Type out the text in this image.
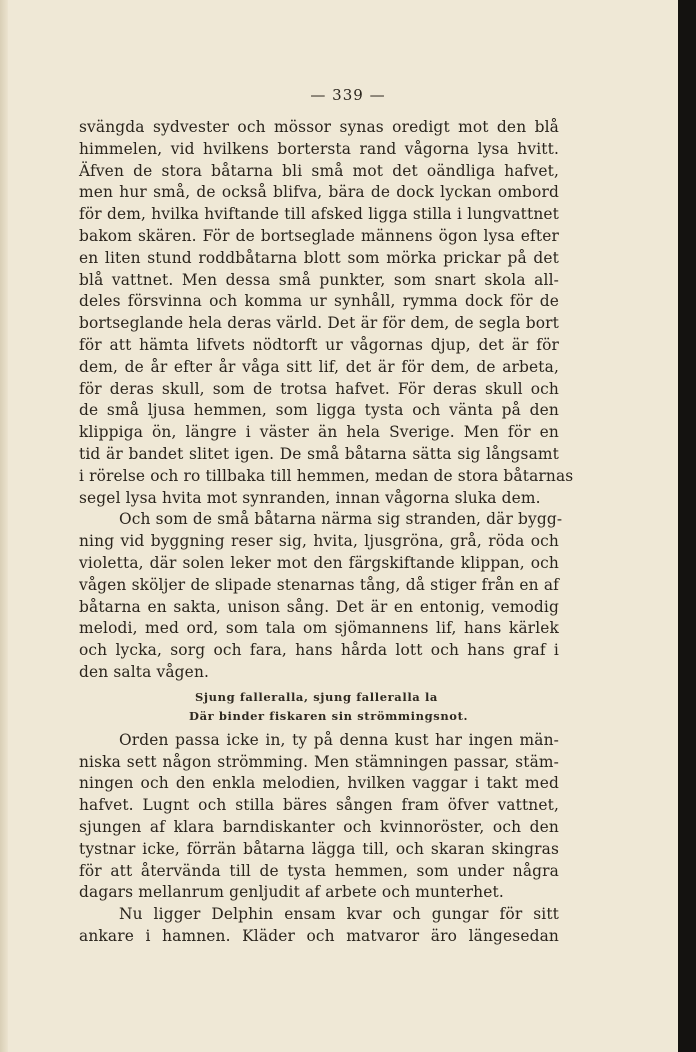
— 339 —
svängda sydvester och mössor synas oredigt mot den blå
himmelen, vid hvilkens bortersta rand vågorna lysa hvitt.
Äfven de stora båtarna bli små mot det oändliga hafvet,
men hur små, de också blifva, bära de dock lyckan ombord
för dem, hvilka hviftande till afsked ligga stilla i lungvattnet
bakom skären. För de bortseglade männens ögon lysa efter
en liten stund roddbåtarna blott som mörka prickar på det
blå vattnet. Men dessa små punkter, som snart skola all-
deles försvinna och komma ur synhåll, rymma dock för de
bortseglande hela deras värld. Det är för dem, de segla bort
för att hämta lifvets nödtorft ur vågornas djup, det är för
dem, de år efter år våga sitt lif, det är för dem, de arbeta,
för deras skull, som de trotsa hafvet. För deras skull och
de små ljusa hemmen, som ligga tysta och vänta på den
klippiga ön, längre i väster än hela Sverige. Men för en
tid är bandet slitet igen. De små båtarna sätta sig långsamt
i rörelse och ro tillbaka till hemmen, medan de stora båtarnas
segel lysa hvita mot synranden, innan vågorna sluka dem.
Och som de små båtarna närma sig stranden, där bygg-
ning vid byggning reser sig, hvita, ljusgröna, grå, röda och
violetta, där solen leker mot den färgskiftande klippan, och
vågen sköljer de slipade stenarnas tång, då stiger från en af
båtarna en sakta, unison sång. Det är en entonig, vemodig
melodi, med ord, som tala om sjömannens lif, hans kärlek
och lycka, sorg och fara, hans hårda lott och hans graf i
den salta vågen.
Sjung falleralla, sjung falleralla la
Där binder fiskaren sin strömmingsnot.
Orden passa icke in, ty på denna kust har ingen män-
niska sett någon strömming. Men stämningen passar, stäm-
ningen och den enkla melodien, hvilken vaggar i takt med
hafvet. Lugnt och stilla bäres sången fram öfver vattnet,
sjungen af klara barndiskanter och kvinnoröster, och den
tystnar icke, förrän båtarna lägga till, och skaran skingras
för att återvända till de tysta hemmen, som under några
dagars mellanrum genljudit af arbete och munterhet.
Nu ligger Delphin ensam kvar och gungar för sitt
ankare i hamnen. Kläder och matvaror äro längesedan
